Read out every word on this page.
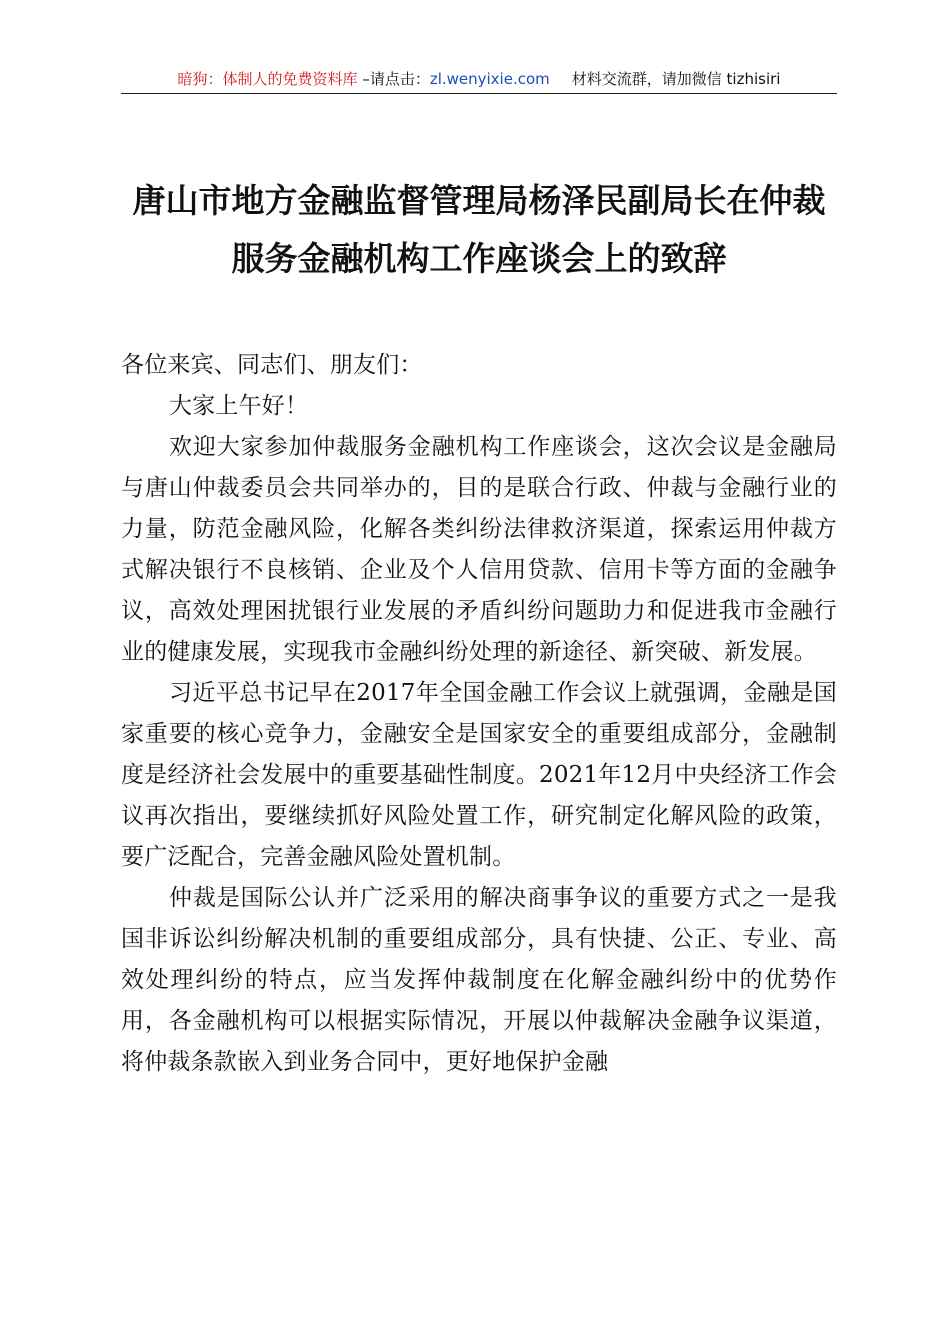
暗狗：体制人的免费资料库 –请点击：zl.wenyixie.com 材料交流群，请加微信 tizhisiri
唐山市地方金融监督管理局杨泽民副局长在仲裁服务金融机构工作座谈会上的致辞

各位来宾、同志们、朋友们：

大家上午好！

欢迎大家参加仲裁服务金融机构工作座谈会，这次会议是金融局与唐山仲裁委员会共同举办的，目的是联合行政、仲裁与金融行业的力量，防范金融风险，化解各类纠纷法律救济渠道，探索运用仲裁方式解决银行不良核销、企业及个人信用贷款、信用卡等方面的金融争议，高效处理困扰银行业发展的矛盾纠纷问题助力和促进我市金融行业的健康发展，实现我市金融纠纷处理的新途径、新突破、新发展。

习近平总书记早在2017年全国金融工作会议上就强调，金融是国家重要的核心竞争力，金融安全是国家安全的重要组成部分，金融制度是经济社会发展中的重要基础性制度。2021年12月中央经济工作会议再次指出，要继续抓好风险处置工作，研究制定化解风险的政策，要广泛配合，完善金融风险处置机制。

仲裁是国际公认并广泛采用的解决商事争议的重要方式之一是我国非诉讼纠纷解决机制的重要组成部分，具有快捷、公正、专业、高效处理纠纷的特点，应当发挥仲裁制度在化解金融纠纷中的优势作用，各金融机构可以根据实际情况，开展以仲裁解决金融争议渠道，将仲裁条款嵌入到业务合同中，更好地保护金融
